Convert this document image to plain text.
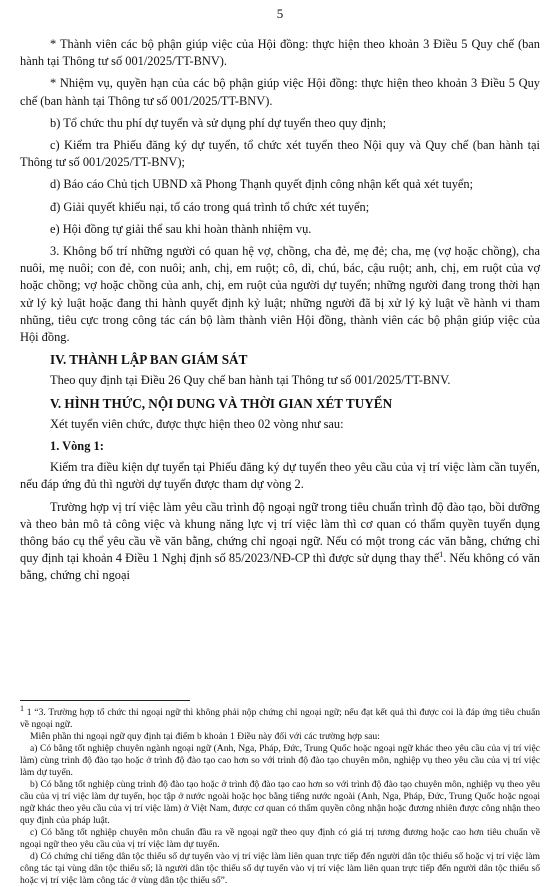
5

* Thành viên các bộ phận giúp việc của Hội đồng: thực hiện theo khoản 3 Điều 5 Quy chế (ban hành tại Thông tư số 001/2025/TT-BNV).

* Nhiệm vụ, quyền hạn của các bộ phận giúp việc Hội đồng: thực hiện theo khoản 3 Điều 5 Quy chế (ban hành tại Thông tư số 001/2025/TT-BNV).

b) Tổ chức thu phí dự tuyển và sử dụng phí dự tuyển theo quy định;

c) Kiểm tra Phiếu đăng ký dự tuyển, tổ chức xét tuyển theo Nội quy và Quy chế (ban hành tại Thông tư số 001/2025/TT-BNV);

d) Báo cáo Chủ tịch UBND xã Phong Thạnh quyết định công nhận kết quả xét tuyển;

đ) Giải quyết khiếu nại, tố cáo trong quá trình tổ chức xét tuyển;

e) Hội đồng tự giải thể sau khi hoàn thành nhiệm vụ.

3. Không bố trí những người có quan hệ vợ, chồng, cha đẻ, mẹ đẻ; cha, mẹ (vợ hoặc chồng), cha nuôi, mẹ nuôi; con đẻ, con nuôi; anh, chị, em ruột; cô, dì, chú, bác, cậu ruột; anh, chị, em ruột của vợ hoặc chồng; vợ hoặc chồng của anh, chị, em ruột của người dự tuyển; những người đang trong thời hạn xử lý kỷ luật hoặc đang thi hành quyết định kỷ luật; những người đã bị xử lý kỷ luật về hành vi tham nhũng, tiêu cực trong công tác cán bộ làm thành viên Hội đồng, thành viên các bộ phận giúp việc của Hội đồng.

IV. THÀNH LẬP BAN GIÁM SÁT

Theo quy định tại Điều 26 Quy chế ban hành tại Thông tư số 001/2025/TT-BNV.

V. HÌNH THỨC, NỘI DUNG VÀ THỜI GIAN XÉT TUYỂN

Xét tuyển viên chức, được thực hiện theo 02 vòng như sau:

1. Vòng 1:

Kiểm tra điều kiện dự tuyển tại Phiếu đăng ký dự tuyển theo yêu cầu của vị trí việc làm cần tuyển, nếu đáp ứng đủ thì người dự tuyển được tham dự vòng 2.

Trường hợp vị trí việc làm yêu cầu trình độ ngoại ngữ trong tiêu chuẩn trình độ đào tạo, bồi dưỡng và theo bản mô tả công việc và khung năng lực vị trí việc làm thì cơ quan có thẩm quyền tuyển dụng thông báo cụ thể yêu cầu về văn bằng, chứng chỉ ngoại ngữ. Nếu có một trong các văn bằng, chứng chỉ quy định tại khoản 4 Điều 1 Nghị định số 85/2023/NĐ-CP thì được sử dụng thay thế$^1$. Nếu không có văn bằng, chứng chỉ ngoại

$^1$ 1 “3. Trường hợp tổ chức thi ngoại ngữ thì không phải nộp chứng chỉ ngoại ngữ; nếu đạt kết quả thì được coi là đáp ứng tiêu chuẩn về ngoại ngữ.

Miễn phần thi ngoại ngữ quy định tại điểm b khoản 1 Điều này đối với các trường hợp sau:

a) Có bằng tốt nghiệp chuyên ngành ngoại ngữ (Anh, Nga, Pháp, Đức, Trung Quốc hoặc ngoại ngữ khác theo yêu cầu của vị trí việc làm) cùng trình độ đào tạo hoặc ở trình độ đào tạo cao hơn so với trình độ đào tạo chuyên môn, nghiệp vụ theo yêu cầu của vị trí việc làm dự tuyển.

b) Có bằng tốt nghiệp cùng trình độ đào tạo hoặc ở trình độ đào tạo cao hơn so với trình độ đào tạo chuyên môn, nghiệp vụ theo yêu cầu của vị trí việc làm dự tuyển, học tập ở nước ngoài hoặc học bằng tiếng nước ngoài (Anh, Nga, Pháp, Đức, Trung Quốc hoặc ngoại ngữ khác theo yêu cầu của vị trí việc làm) ở Việt Nam, được cơ quan có thẩm quyền công nhận hoặc đương nhiên được công nhận theo quy định của pháp luật.

c) Có bằng tốt nghiệp chuyên môn chuẩn đầu ra về ngoại ngữ theo quy định có giá trị tương đương hoặc cao hơn tiêu chuẩn về ngoại ngữ theo yêu cầu của vị trí việc làm dự tuyển.

d) Có chứng chỉ tiếng dân tộc thiểu số dự tuyển vào vị trí việc làm liên quan trực tiếp đến người dân tộc thiểu số hoặc vị trí việc làm công tác tại vùng dân tộc thiểu số; là người dân tộc thiểu số dự tuyển vào vị trí việc làm liên quan trực tiếp đến người dân tộc thiểu số hoặc vị trí việc làm công tác ở vùng dân tộc thiểu số”.
